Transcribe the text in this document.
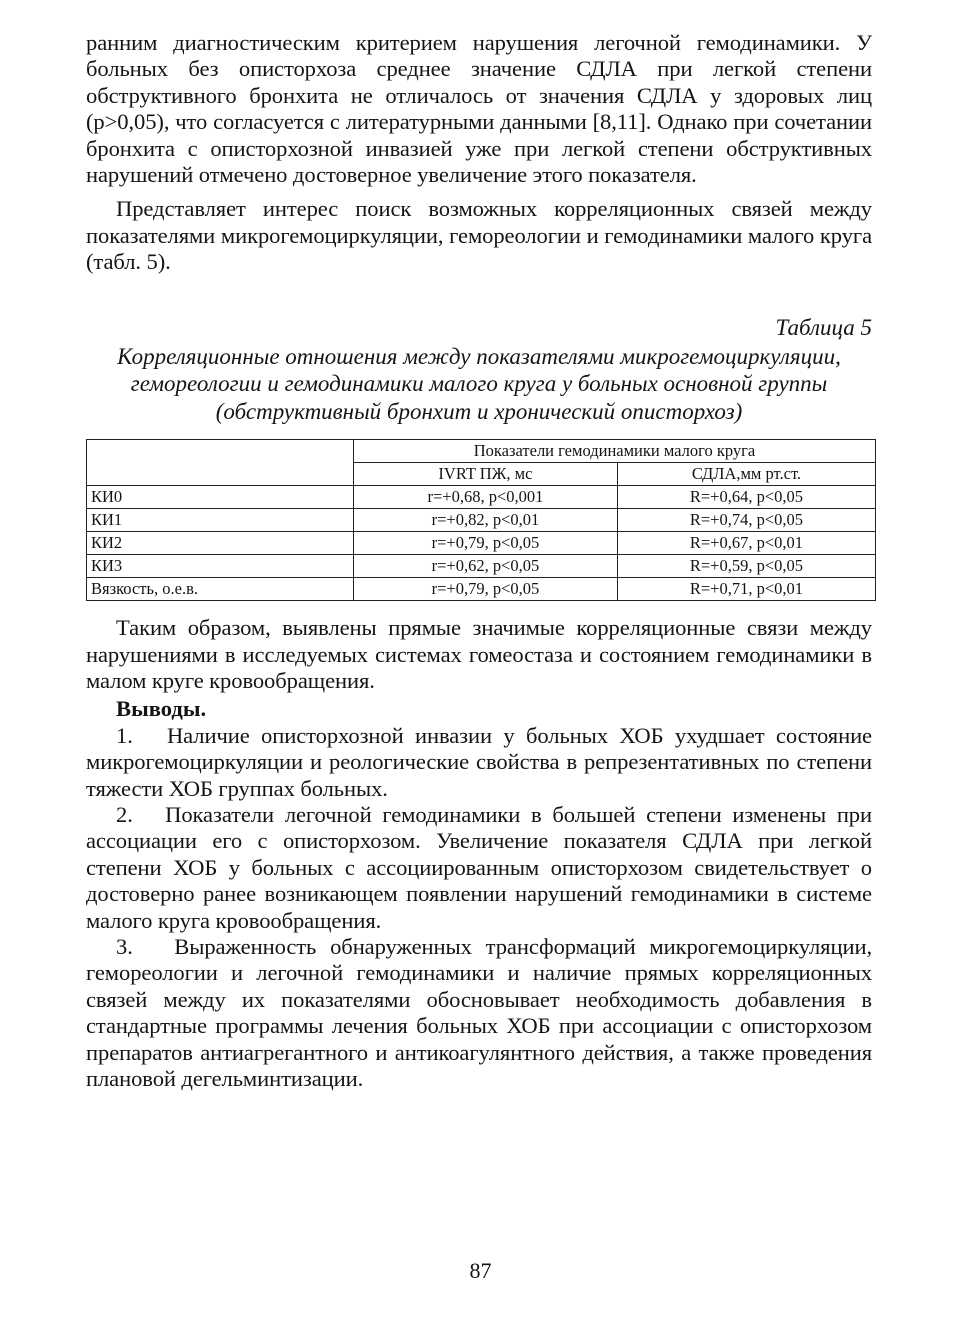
ранним диагностическим критерием нарушения легочной гемодинамики. У больных без описторхоза среднее значение СДЛА при легкой степени обструктивного бронхита не отличалось от значения СДЛА у здоровых лиц (p>0,05), что согласуется с литературными данными [8,11]. Однако при сочетании бронхита с описторхозной инвазией уже при легкой степени обструктивных нарушений отмечено достоверное увеличение этого показателя.

Представляет интерес поиск возможных корреляционных связей между показателями микрогемоциркуляции, гемореологии и гемодинамики малого круга (табл. 5).

Таблица 5
Корреляционные отношения между показателями микрогемоциркуляции, гемореологии и гемодинамики малого круга у больных основной группы (обструктивный бронхит и хронический описторхоз)
	Показатели гемодинамики малого круга	
	IVRT ПЖ, мс	СДЛА,мм рт.ст.
КИ0	r=+0,68, p<0,001	R=+0,64, p<0,05
КИ1	r=+0,82, p<0,01	R=+0,74, p<0,05
КИ2	r=+0,79, p<0,05	R=+0,67, p<0,01
КИ3	r=+0,62, p<0,05	R=+0,59, p<0,05
Вязкость, о.е.в.	r=+0,79, p<0,05	R=+0,71, p<0,01

Таким образом, выявлены прямые значимые корреляционные связи между нарушениями в исследуемых системах гомеостаза и состоянием гемодинамики в малом круге кровообращения.

Выводы.

1.   Наличие описторхозной инвазии у больных ХОБ ухудшает состояние микрогемоциркуляции и реологические свойства в репрезентативных по степени тяжести ХОБ группах больных.

2.   Показатели легочной гемодинамики в большей степени изменены при ассоциации его с описторхозом. Увеличение показателя СДЛА при легкой степени ХОБ у больных с ассоциированным описторхозом свидетельствует о достоверно ранее возникающем появлении нарушений гемодинамики в системе малого круга кровообращения.

3.   Выраженность обнаруженных трансформаций микрогемоциркуляции, гемореологии и легочной гемодинамики и наличие прямых корреляционных связей между их показателями обосновывает необходимость добавления в стандартные программы лечения больных ХОБ при ассоциации с описторхозом препаратов антиагрегантного и антикоагулянтного действия, а также проведения плановой дегельминтизации.

87
